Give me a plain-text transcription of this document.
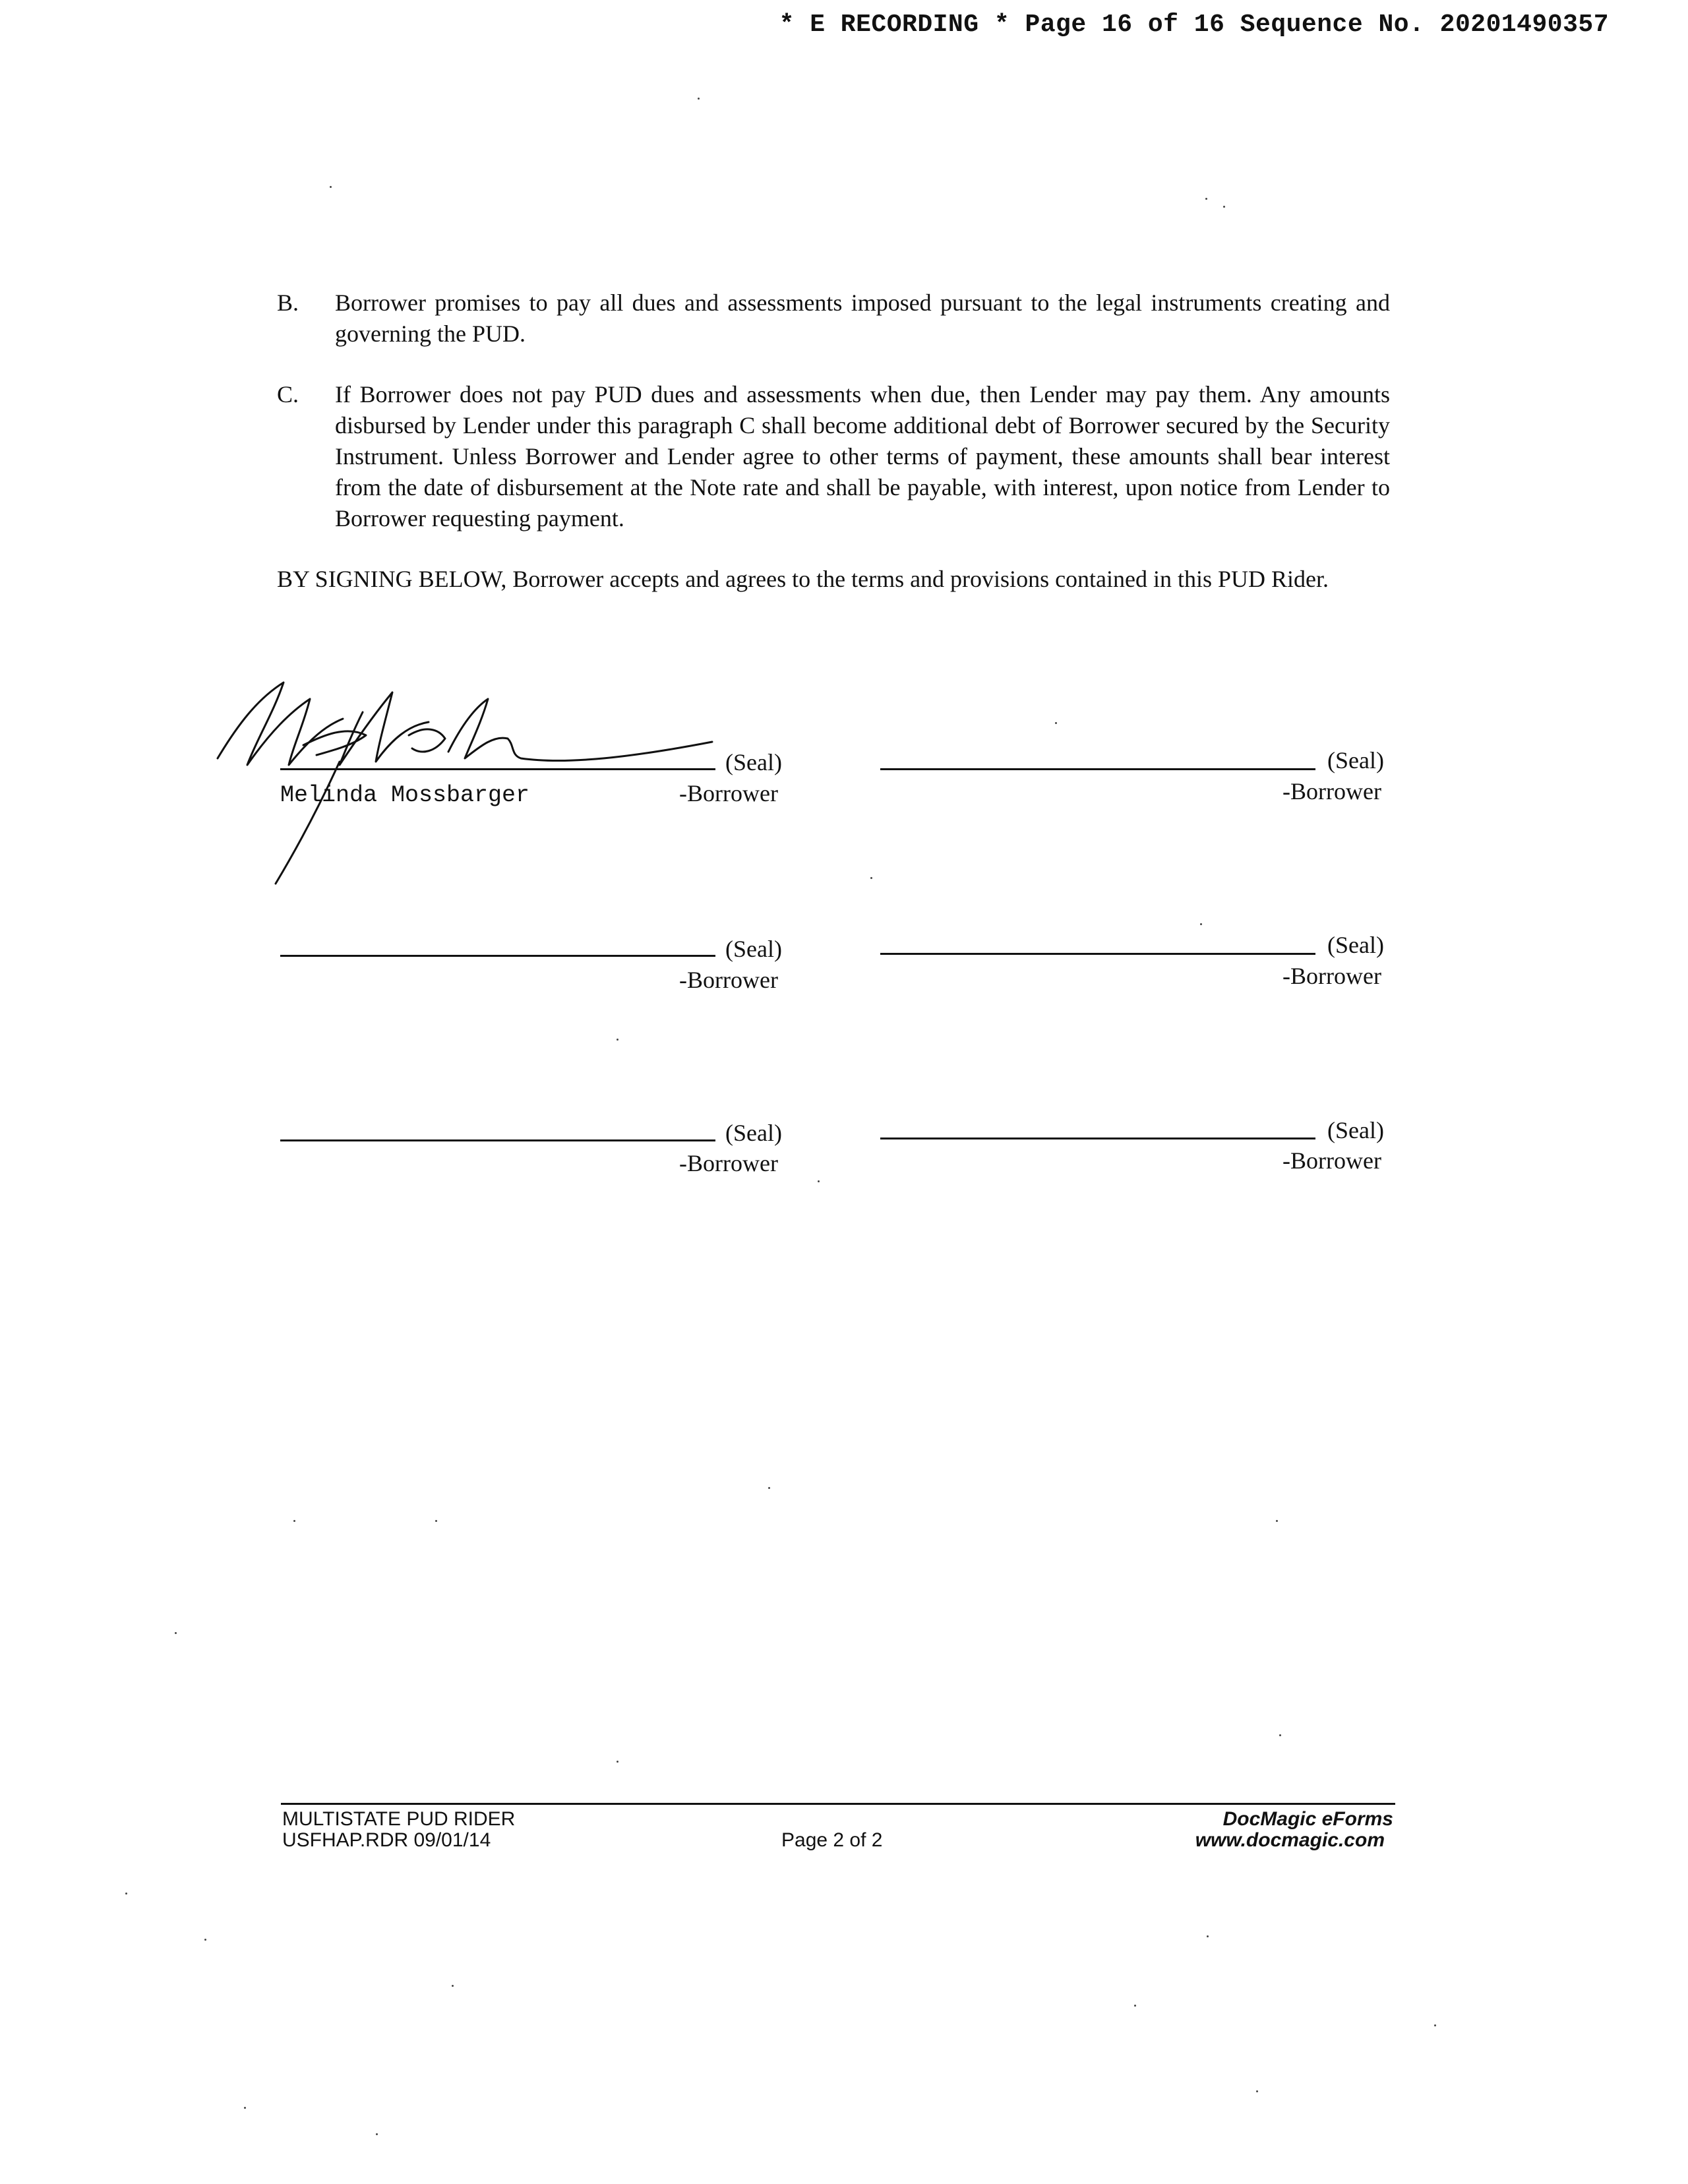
* E RECORDING * Page 16 of 16 Sequence No. 20201490357
B. Borrower promises to pay all dues and assessments imposed pursuant to the legal instruments creating and governing the PUD.
C. If Borrower does not pay PUD dues and assessments when due, then Lender may pay them. Any amounts disbursed by Lender under this paragraph C shall become additional debt of Borrower secured by the Security Instrument. Unless Borrower and Lender agree to other terms of payment, these amounts shall bear interest from the date of disbursement at the Note rate and shall be payable, with interest, upon notice from Lender to Borrower requesting payment.
BY SIGNING BELOW, Borrower accepts and agrees to the terms and provisions contained in this PUD Rider.
(Seal)
Melinda Mossbarger	-Borrower
(Seal)
-Borrower
(Seal)
-Borrower
(Seal)
-Borrower
(Seal)
-Borrower
(Seal)
-Borrower
MULTISTATE PUD RIDER
USFHAP.RDR 09/01/14	Page 2 of 2
DocMagic eForms
www.docmagic.com
